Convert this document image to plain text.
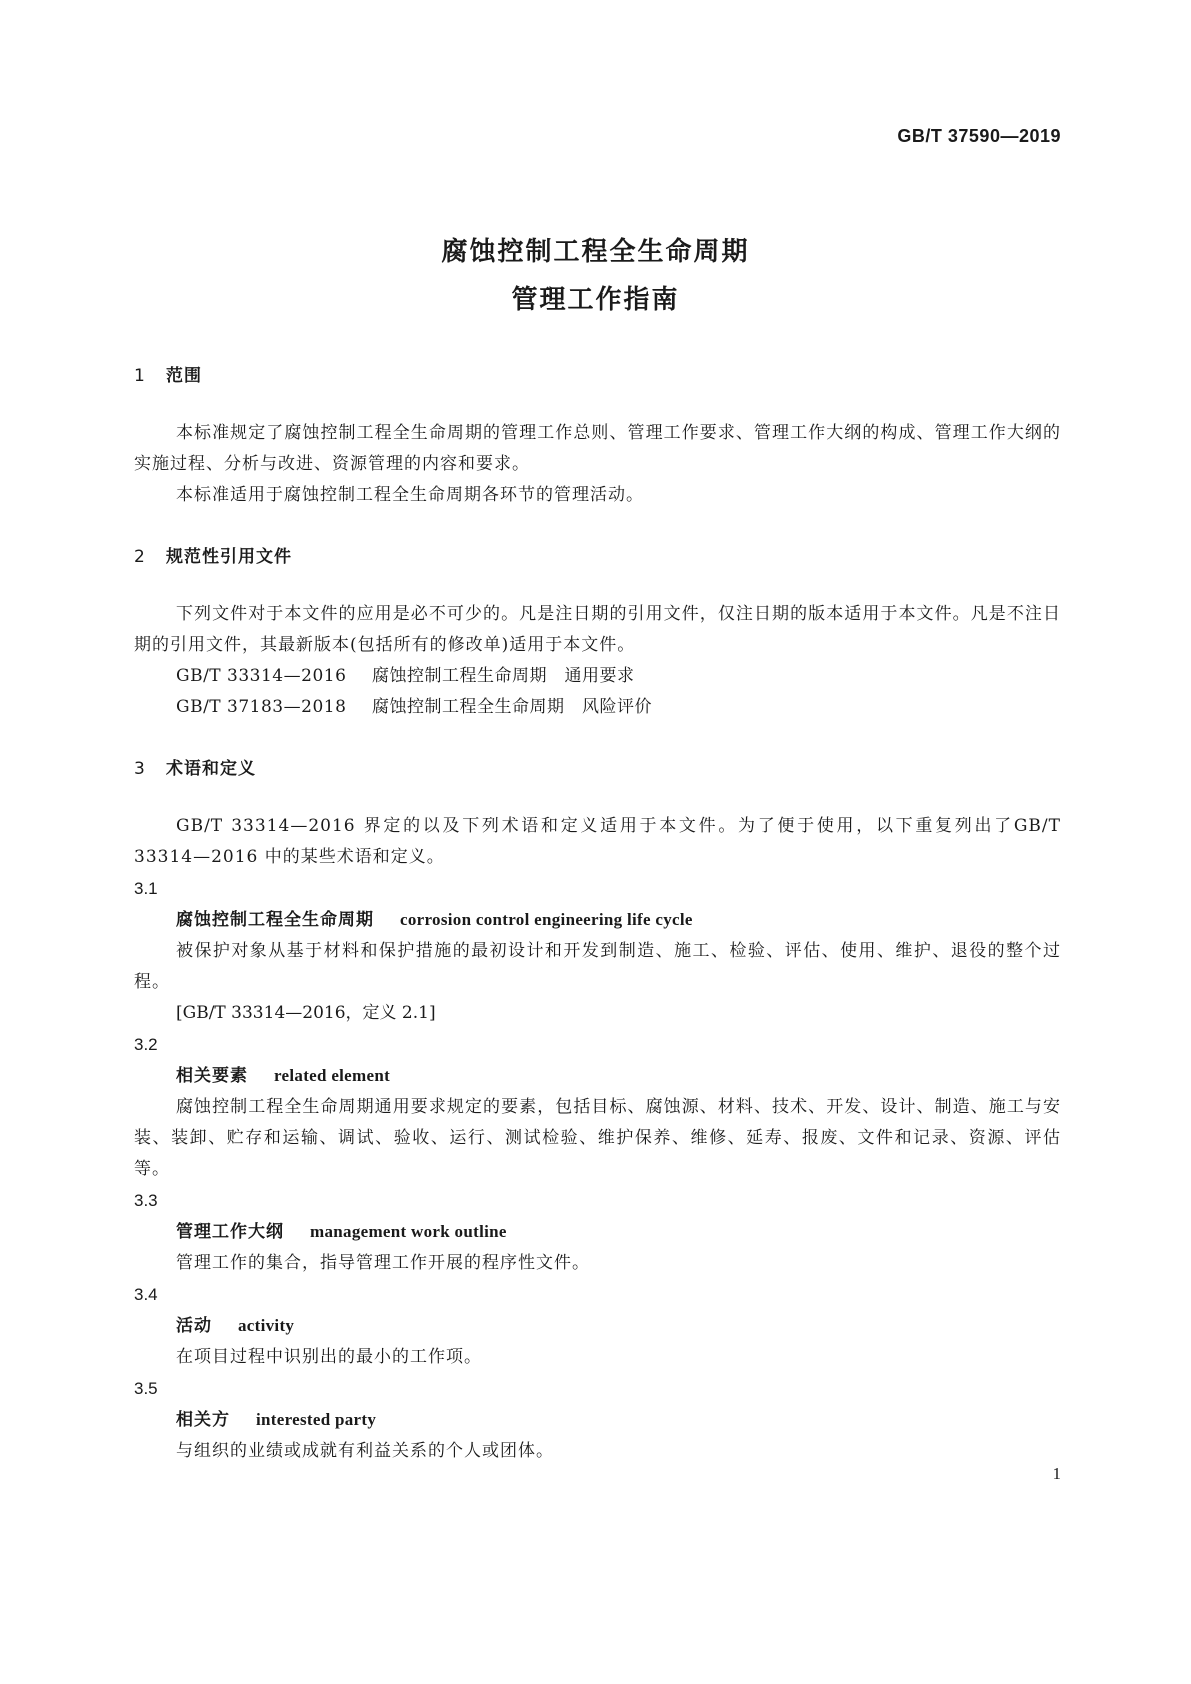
GB/T 37590—2019

腐蚀控制工程全生命周期

管理工作指南

1 范围

本标准规定了腐蚀控制工程全生命周期的管理工作总则、管理工作要求、管理工作大纲的构成、管理工作大纲的实施过程、分析与改进、资源管理的内容和要求。

本标准适用于腐蚀控制工程全生命周期各环节的管理活动。

2 规范性引用文件

下列文件对于本文件的应用是必不可少的。凡是注日期的引用文件，仅注日期的版本适用于本文件。凡是不注日期的引用文件，其最新版本(包括所有的修改单)适用于本文件。

GB/T 33314—2016 腐蚀控制工程生命周期　通用要求

GB/T 37183—2018 腐蚀控制工程全生命周期　风险评价

3 术语和定义

GB/T 33314—2016 界定的以及下列术语和定义适用于本文件。为了便于使用，以下重复列出了GB/T 33314—2016 中的某些术语和定义。

3.1

腐蚀控制工程全生命周期 corrosion control engineering life cycle

被保护对象从基于材料和保护措施的最初设计和开发到制造、施工、检验、评估、使用、维护、退役的整个过程。

[GB/T 33314—2016，定义 2.1]

3.2

相关要素 related element

腐蚀控制工程全生命周期通用要求规定的要素，包括目标、腐蚀源、材料、技术、开发、设计、制造、施工与安装、装卸、贮存和运输、调试、验收、运行、测试检验、维护保养、维修、延寿、报废、文件和记录、资源、评估等。

3.3

管理工作大纲 management work outline

管理工作的集合，指导管理工作开展的程序性文件。

3.4

活动 activity

在项目过程中识别出的最小的工作项。

3.5

相关方 interested party

与组织的业绩或成就有利益关系的个人或团体。

1
